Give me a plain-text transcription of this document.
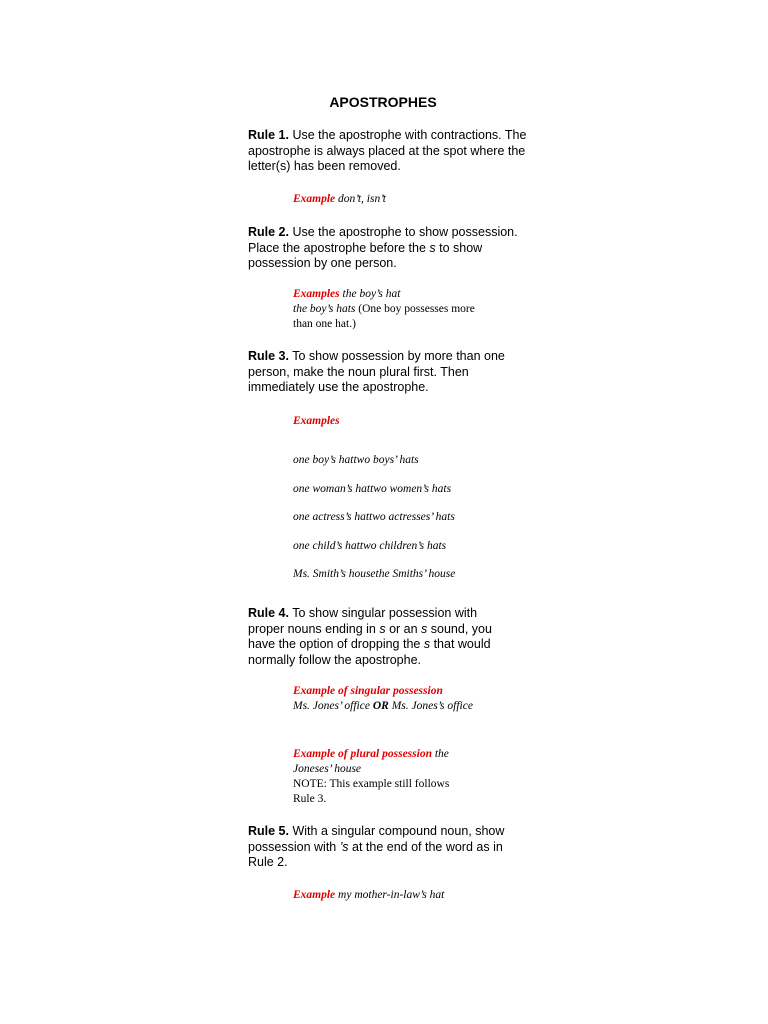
APOSTROPHES
Rule 1. Use the apostrophe with contractions. The apostrophe is always placed at the spot where the letter(s) has been removed.
Example don’t, isn’t
Rule 2. Use the apostrophe to show possession. Place the apostrophe before the s to show possession by one person.
Examples the boy’s hat
the boy’s hats (One boy possesses more than one hat.)
Rule 3. To show possession by more than one person, make the noun plural first. Then immediately use the apostrophe.
Examples
one boy’s hattwo boys’ hats
one woman’s hattwo women’s hats
one actress’s hattwo actresses’ hats
one child’s hattwo children’s hats
Ms. Smith’s housethe Smiths’ house
Rule 4. To show singular possession with proper nouns ending in s or an s sound, you have the option of dropping the s that would normally follow the apostrophe.
Example of singular possession
Ms. Jones’ office OR Ms. Jones’s office
Example of plural possession the Joneses’ house
NOTE: This example still follows Rule 3.
Rule 5. With a singular compound noun, show possession with ’s at the end of the word as in Rule 2.
Example my mother-in-law’s hat
